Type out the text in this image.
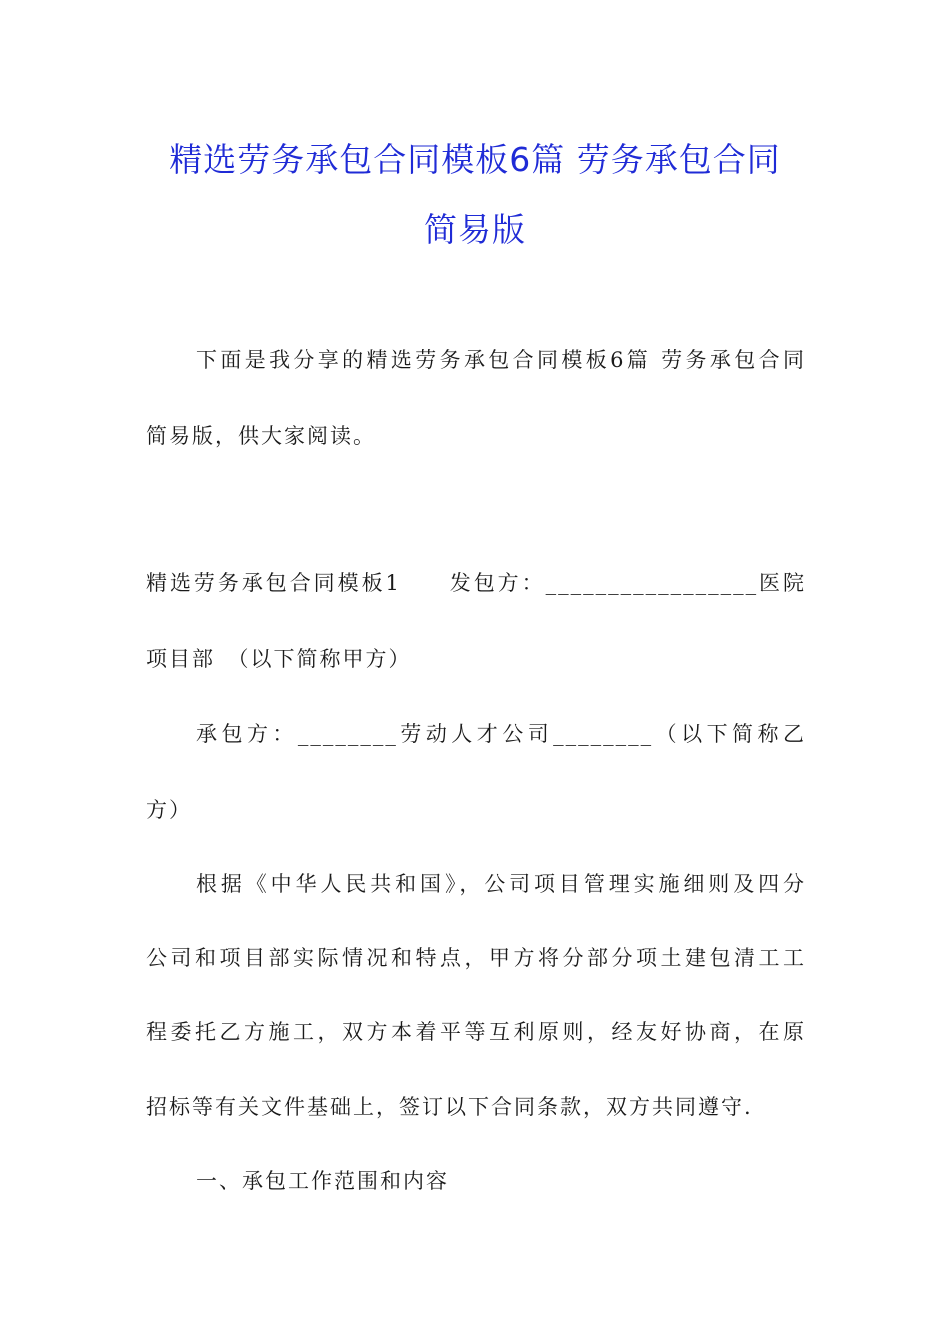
精选劳务承包合同模板6篇 劳务承包合同
简易版
下面是我分享的精选劳务承包合同模板6篇 劳务承包合同
简易版，供大家阅读。
精选劳务承包合同模板1　　发包方：_________________医院
项目部　（以下简称甲方）
承包方：________劳动人才公司________（以下简称乙
方）
根据《中华人民共和国》，公司项目管理实施细则及四分
公司和项目部实际情况和特点，甲方将分部分项土建包清工工
程委托乙方施工，双方本着平等互利原则，经友好协商，在原
招标等有关文件基础上，签订以下合同条款，双方共同遵守.
一、承包工作范围和内容
